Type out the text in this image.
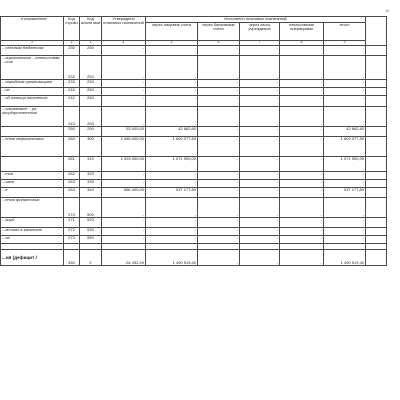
И
...е показателя	Код строки	Код аналитики	Утверждено плановых назначений	Исполнено плановых назначений					
				через лицевые счета	через банковские счета	через кассу учреждения	некассовыми операциями	итого	
1	2	3	4	5	6	7	8	9	
...сельным бюджетам	230	250	-	-	-	-	-	-	
...ациональным ...ательствам ...ств	232	252	-	-	-	-	-	-	
...народным организациям	233	253	-	-	-	-	-	-	
...ие	240	260	-	-	-	-	-	-	
...ой помощи населению	242	262	-	-	-	-	-	-	
...ызываемые ...ра государственного	243	263	-	-	-	-	-	-	
	250	290	53 000,00	42 662,60	-	-	-	42 662,60	
...ению нефинансовых	260	300	2 489 000,00	1 609 077,89	-	-	-	1 609 077,89	
	261	310	1 923 000,00	1 071 900,00	-	-	-	1 071 900,00	
...тов	262	320	-	-	-	-	-	-	
...ивов	263	330	-	-	-	-	-	-	
...в	264	340	566 000,00	537 177,89	-	-	-	537 177,89	
...ению финансовых	270	500	-	-	-	-	-	-	
...аций	271	520	-	-	-	-	-	-	
...астиях в капитале	272	530	-	-	-	-	-	-	
...ов	273	550	-	-	-	-	-	-	

...ия (дефицит /	450	X	-34 432,49	1 490 519,40	-	-	-	1 490 519,40	
